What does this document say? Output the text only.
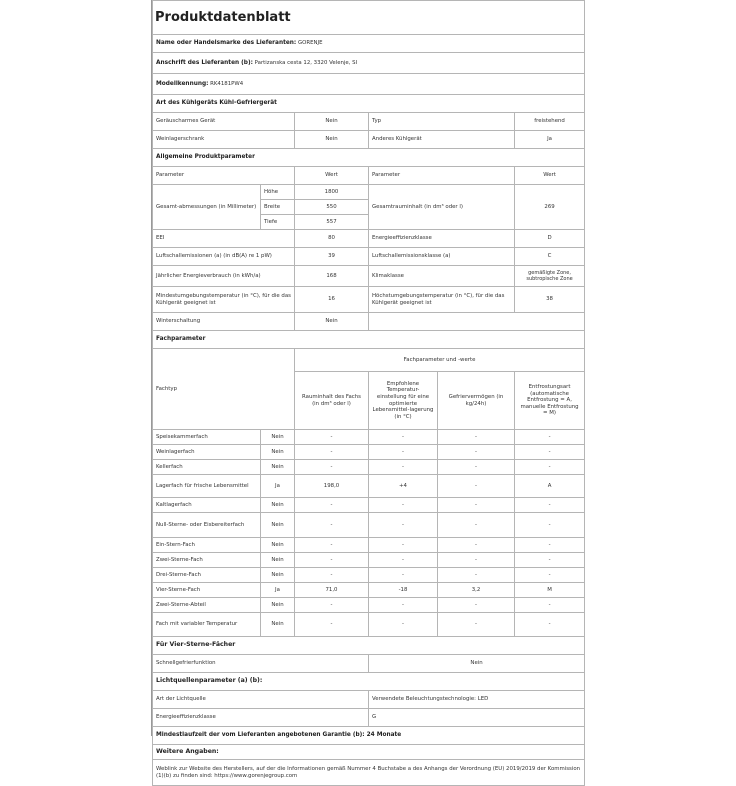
Produktdatenblatt					
Name oder Handelsmarke des Lieferanten: GORENJE					
Anschrift des Lieferanten (b): Partizanska cesta 12, 3320 Velenje, SI					
Modellkennung: RK4181PW4					
Art des Kühlgeräts Kühl-Gefriergerät					
Geräuscharmes Gerät		Nein	Typ		freistehend
Weinlagerschrank		Nein	Anderes Kühlgerät		Ja
Allgemeine Produktparameter					
Parameter		Wert	Parameter		Wert
Gesamt-abmessungen (in Millimeter)	Höhe	1800	Gesamtrauminhalt (in dm³ oder l)		269
	Breite	550			
	Tiefe	557			
EEI		80	Energieeffizienzklasse		D
Luftschallemissionen (a) (in dB(A) re 1 pW)		39	Luftschallemissionsklasse (a)		C
Jährlicher Energieverbrauch (in kWh/a)		168	Klimaklasse		gemäßigte Zone, subtropische Zone
Mindestumgebungstemperatur (in °C), für die das Kühlgerät geeignet ist		16	Höchstumgebungstemperatur (in °C), für die das Kühlgerät geeignet ist		38
Winterschaltung		Nein			
Fachparameter					
Fachtyp		Fachparameter und -werte			
		Rauminhalt des Fachs (in dm³ oder l)	Empfohlene Temperatur-einstellung für eine optimierte Lebensmittel-lagerung (in °C)	Gefriervermögen (in kg/24h)	Entfrostungsart (automatische Entfrostung = A, manuelle Entfrostung = M)
Speisekammerfach	Nein	-	-	-	-
Weinlagerfach	Nein	-	-	-	-
Kellerfach	Nein	-	-	-	-
Lagerfach für frische Lebensmittel	Ja	198,0	+4	-	A
Kaltlagerfach	Nein	-	-	-	-
Null-Sterne- oder Eisbereiterfach	Nein	-	-	-	-
Ein-Stern-Fach	Nein	-	-	-	-
Zwei-Sterne-Fach	Nein	-	-	-	-
Drei-Sterne-Fach	Nein	-	-	-	-
Vier-Sterne-Fach	Ja	71,0	-18	3,2	M
Zwei-Sterne-Abteil	Nein	-	-	-	-
Fach mit variabler Temperatur	Nein	-	-	-	-
Für Vier-Sterne-Fächer					
Schnellgefrierfunktion			Nein		
Lichtquellenparameter (a) (b):					
Art der Lichtquelle			Verwendete Beleuchtungstechnologie: LED		
Energieeffizienzklasse			G		
Mindestlaufzeit der vom Lieferanten angebotenen Garantie (b): 24 Monate					
Weitere Angaben:					
Weblink zur Website des Herstellers, auf der die Informationen gemäß Nummer 4 Buchstabe a des Anhangs der Verordnung (EU) 2019/2019 der Kommission (1)(b) zu finden sind: https://www.gorenjegroup.com					
